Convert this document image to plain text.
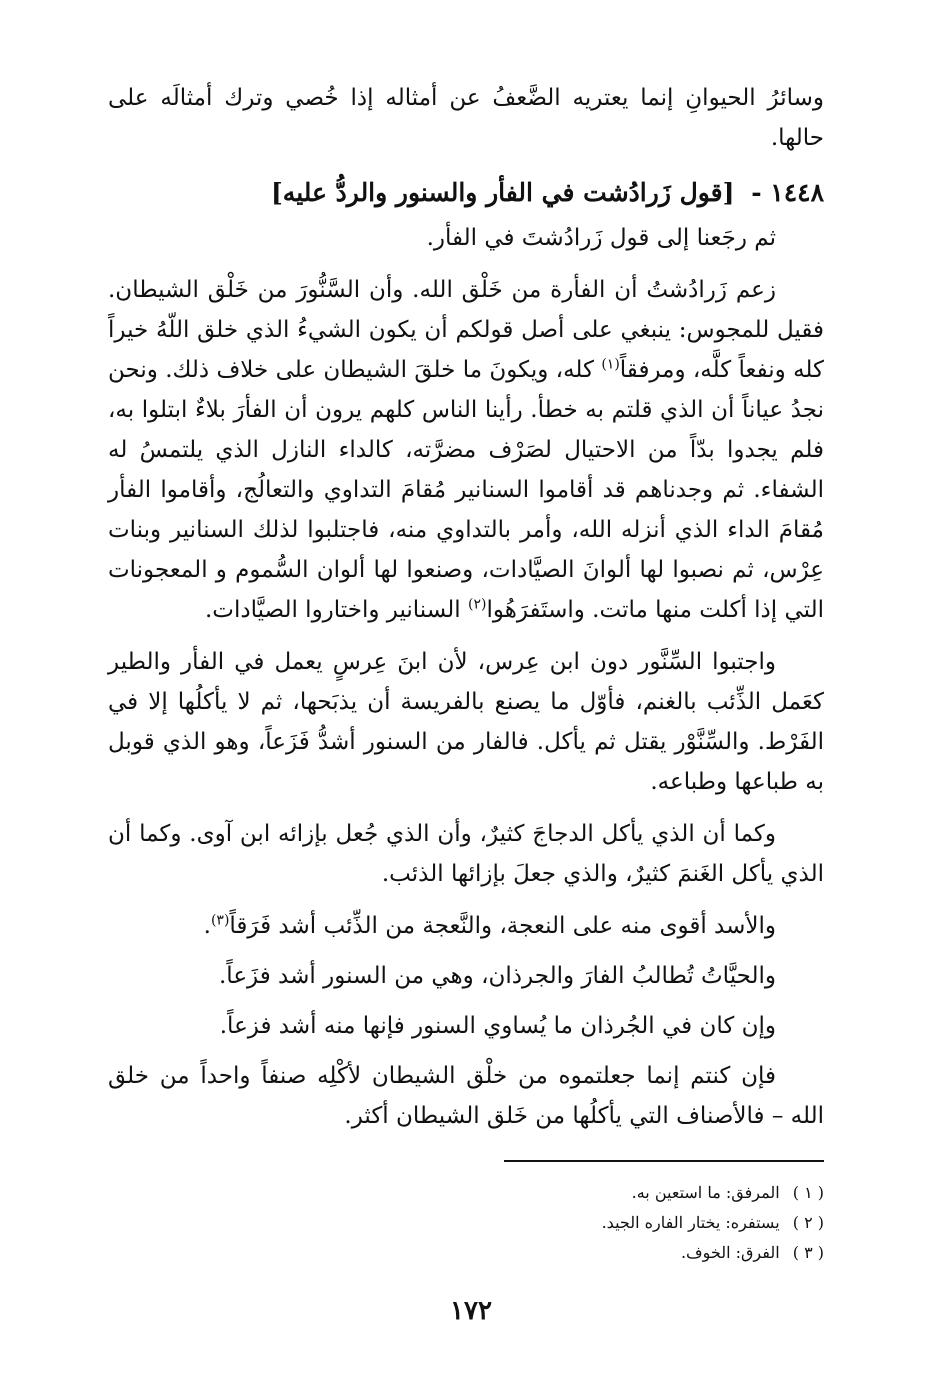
وسائرُ الحيوانِ إنما يعتريه الضَّعفُ عن أمثاله إذا خُصي وترك أمثالَه على حالها.

١٤٤٨ - [قول زَرادُشت في الفأر والسنور والردُّ عليه]

ثم رجَعنا إلى قول زَرادُشتَ في الفأر.

زعم زَرادُشتُ أن الفأرة من خَلْق الله. وأن السَّنُّورَ من خَلْق الشيطان. فقيل للمجوس: ينبغي على أصل قولكم أن يكون الشيءُ الذي خلق اللّهُ خيراً كله ونفعاً كلَّه، ومرفقاً$^{(١)}$ كله، ويكونَ ما خلقَ الشيطان على خلاف ذلك. ونحن نجدُ عياناً أن الذي قلتم به خطأ. رأينا الناس كلهم يرون أن الفأرَ بلاءٌ ابتلوا به، فلم يجدوا بدّاً من الاحتيال لصَرْف مضرَّته، كالداء النازل الذي يلتمسُ له الشفاء. ثم وجدناهم قد أقاموا السنانير مُقامَ التداوي والتعالُج، وأقاموا الفأر مُقامَ الداء الذي أنزله الله، وأمر بالتداوي منه، فاجتلبوا لذلك السنانير وبنات عِرْس، ثم نصبوا لها ألوانَ الصيَّادات، وصنعوا لها ألوان السُّموم و المعجونات التي إذا أكلت منها ماتت. واستَفرَهُوا$^{(٢)}$ السنانير واختاروا الصيَّادات.

واجتبوا السِّنَّور دون ابن عِرس، لأن ابنَ عِرسٍ يعمل في الفأر والطير كعَمل الذِّئب بالغنم، فأوّل ما يصنع بالفريسة أن يذبَحها، ثم لا يأكلُها إلا في الفَرْط. والسِّنَّوْر يقتل ثم يأكل. فالفار من السنور أشدُّ فَزَعاً، وهو الذي قوبل به طباعها وطباعه.

وكما أن الذي يأكل الدجاجَ كثيرٌ، وأن الذي جُعل بإزائه ابن آوى. وكما أن الذي يأكل الغَنمَ كثيرٌ، والذي جعلَ بإزائها الذئب.

والأسد أقوى منه على النعجة، والنَّعجة من الذِّئب أشد فَرَقاً$^{(٣)}$.

والحيَّاتُ تُطالبُ الفارَ والجرذان، وهي من السنور أشد فزَعاً.

وإن كان في الجُرذان ما يُساوي السنور فإنها منه أشد فزعاً.

فإن كنتم إنما جعلتموه من خلْق الشيطان لأكْلِه صنفاً واحداً من خلق الله – فالأصناف التي يأكلُها من خَلق الشيطان أكثر.

( ١ ) المرفق: ما استعين به.
( ٢ ) يستفره: يختار الفاره الجيد.
( ٣ ) الفرق: الخوف.
١٧٢
